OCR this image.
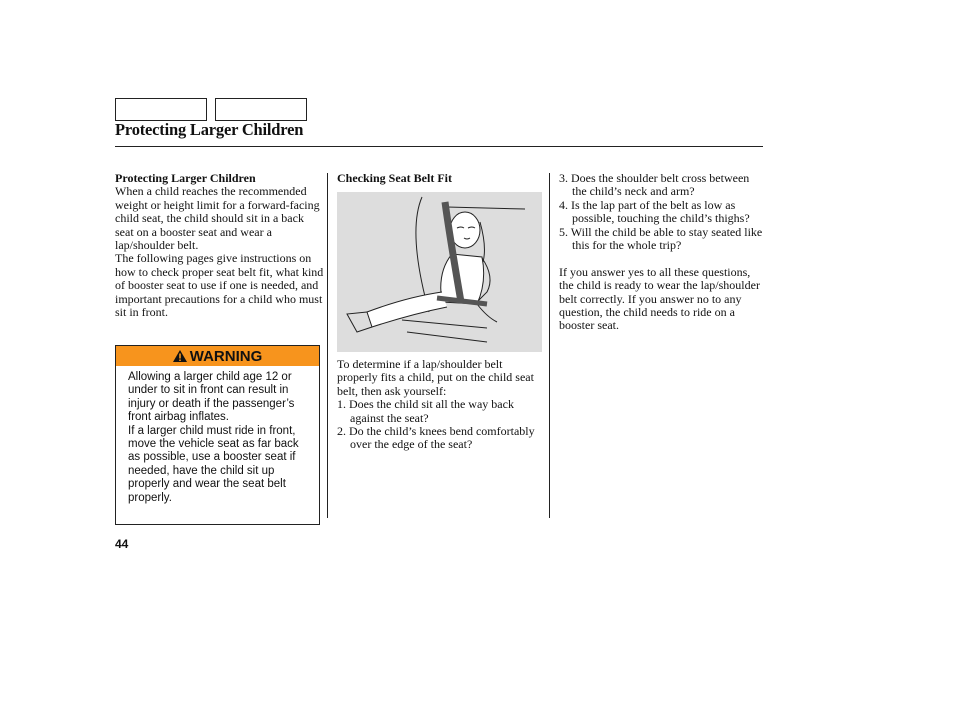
Protecting Larger Children

Protecting Larger Children

When a child reaches the recommended weight or height limit for a forward-facing child seat, the child should sit in a back seat on a booster seat and wear a lap/shoulder belt.

The following pages give instructions on how to check proper seat belt fit, what kind of booster seat to use if one is needed, and important precautions for a child who must sit in front.

WARNING

Allowing a larger child age 12 or under to sit in front can result in injury or death if the passenger’s front airbag inflates.

If a larger child must ride in front, move the vehicle seat as far back as possible, use a booster seat if needed, have the child sit up properly and wear the seat belt properly.

Checking Seat Belt Fit

To determine if a lap/shoulder belt properly fits a child, put on the child seat belt, then ask yourself:

1. Does the child sit all the way back against the seat?

2. Do the child’s knees bend comfortably over the edge of the seat?

3. Does the shoulder belt cross between the child’s neck and arm?

4. Is the lap part of the belt as low as possible, touching the child’s thighs?

5. Will the child be able to stay seated like this for the whole trip?

If you answer yes to all these questions, the child is ready to wear the lap/shoulder belt correctly. If you answer no to any question, the child needs to ride on a booster seat.

44
